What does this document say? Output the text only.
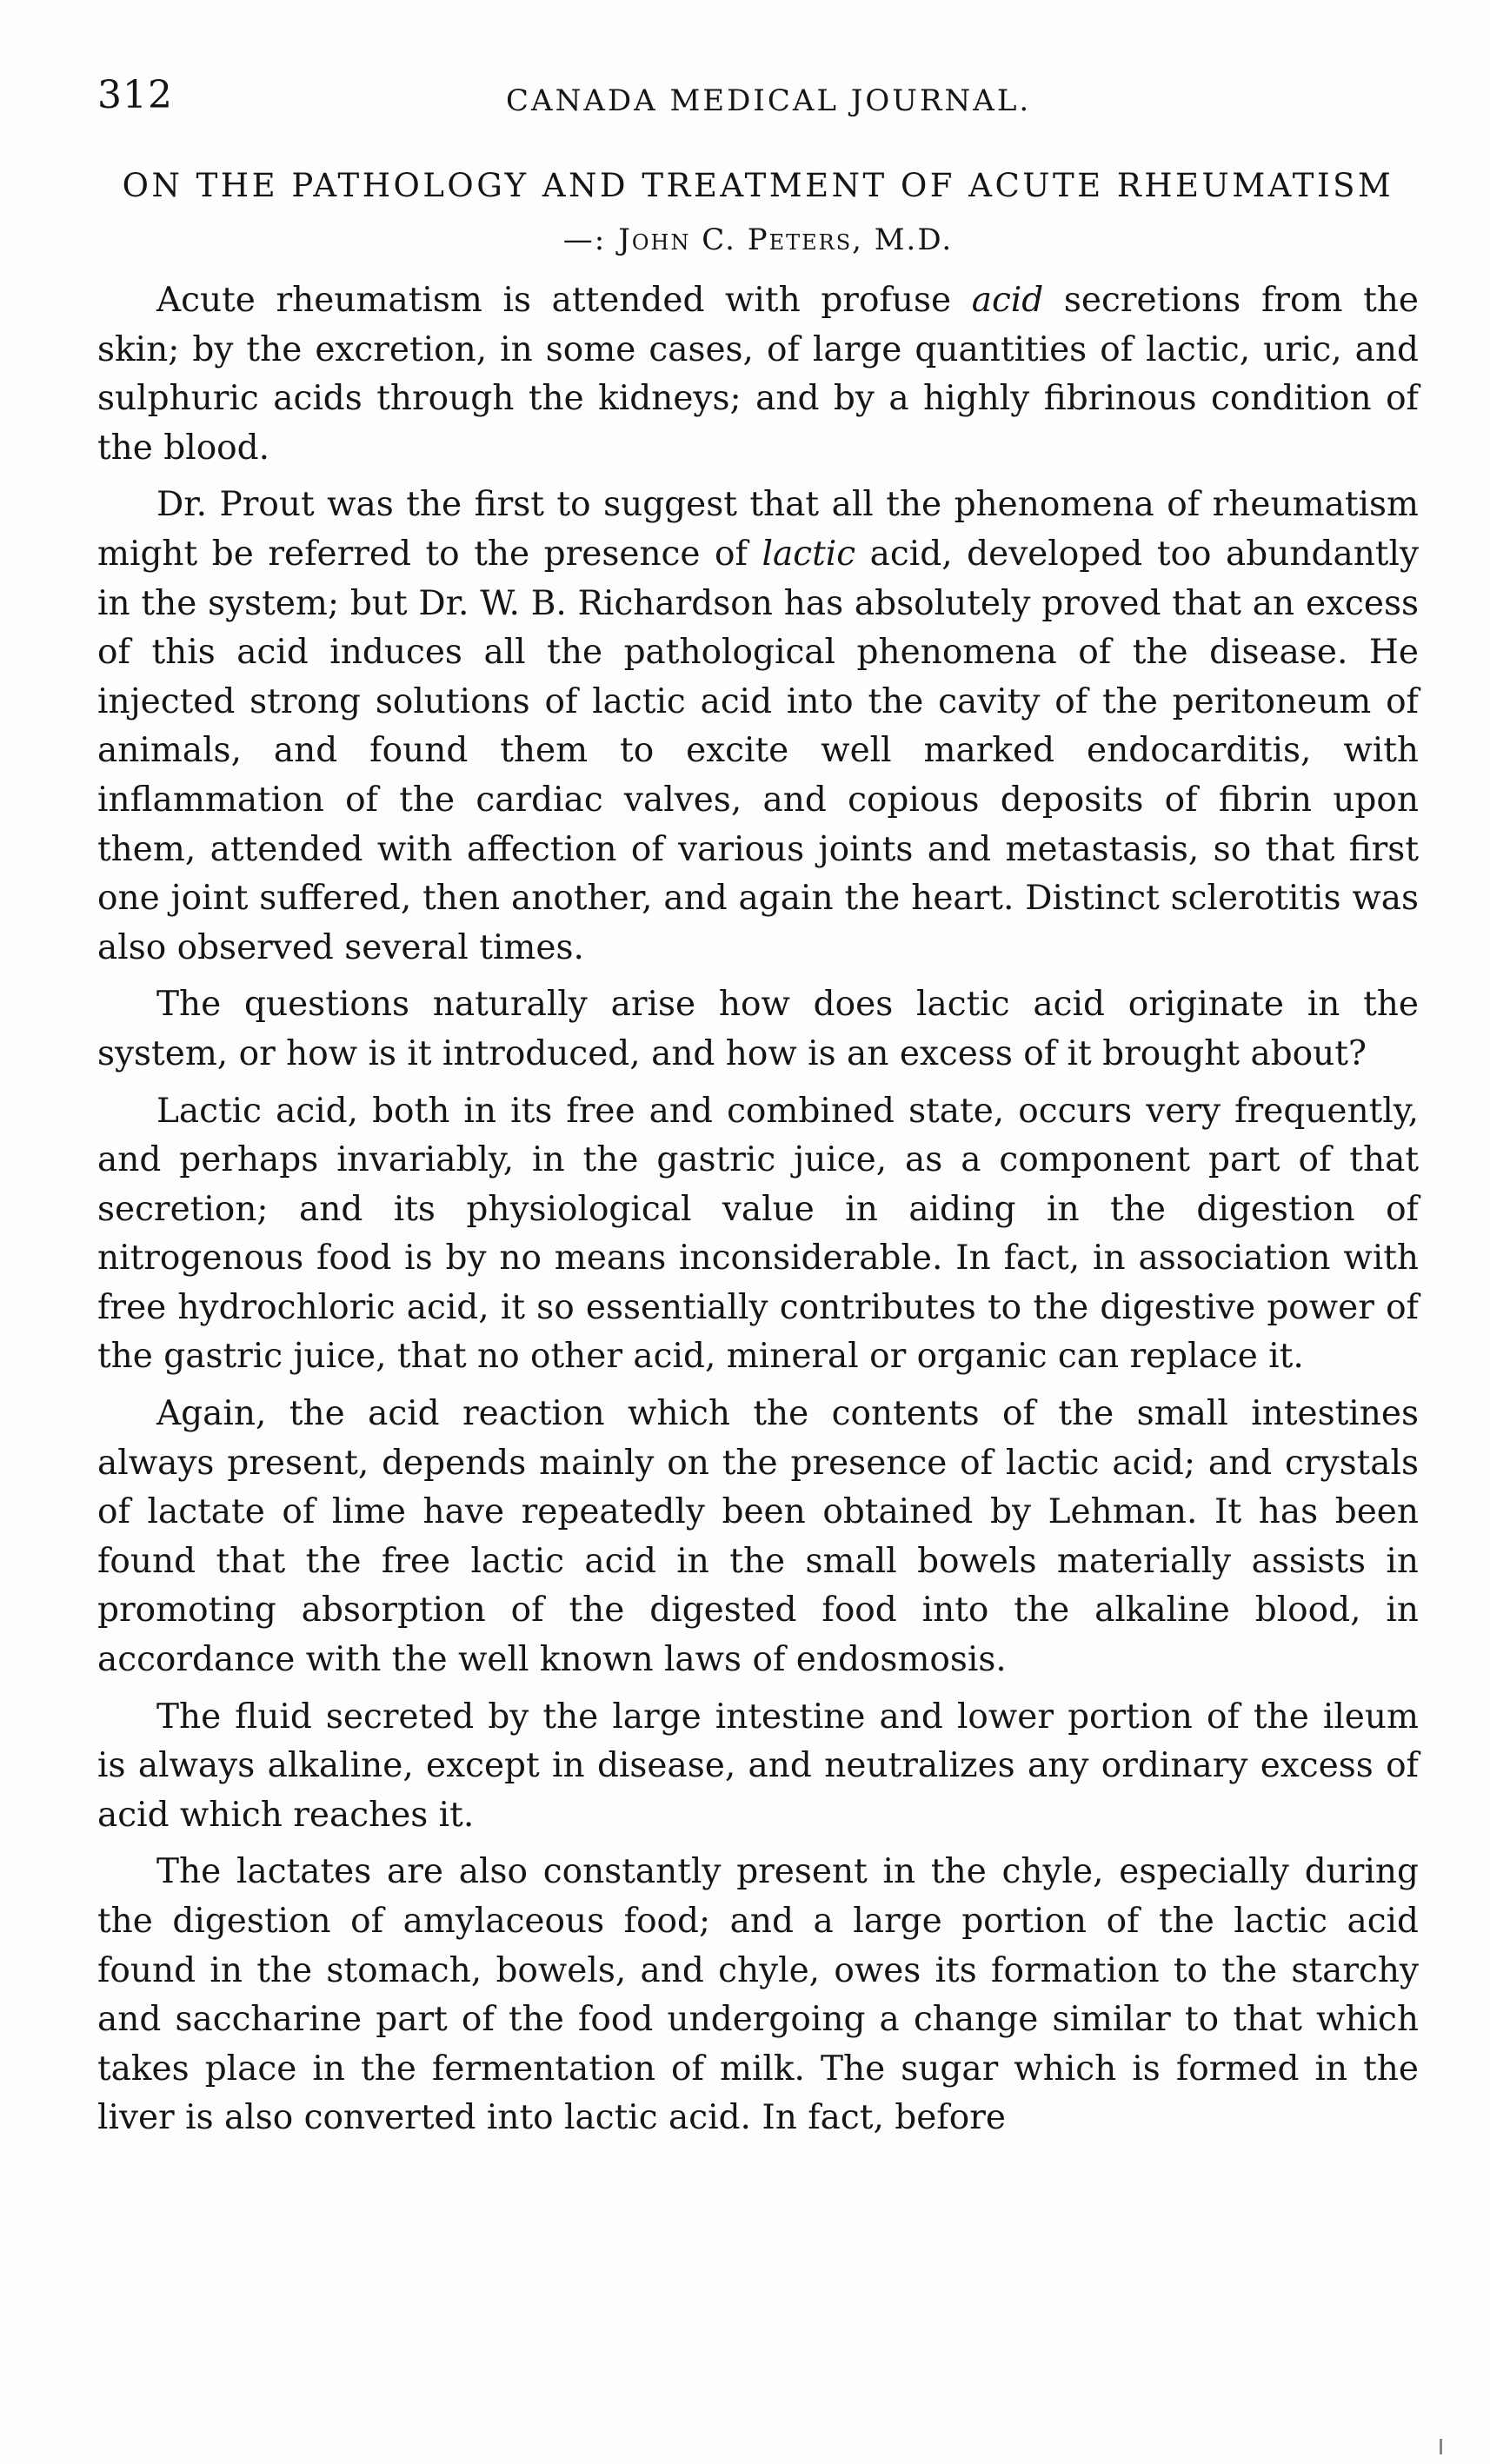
312	CANADA MEDICAL JOURNAL.
ON THE PATHOLOGY AND TREATMENT OF ACUTE RHEUMATISM
—: John C. Peters, M.D.

Acute rheumatism is attended with profuse acid secretions from the skin; by the excretion, in some cases, of large quantities of lactic, uric, and sulphuric acids through the kidneys; and by a highly fibrinous condition of the blood.

Dr. Prout was the first to suggest that all the phenomena of rheumatism might be referred to the presence of lactic acid, developed too abundantly in the system; but Dr. W. B. Richardson has absolutely proved that an excess of this acid induces all the pathological phenomena of the disease. He injected strong solutions of lactic acid into the cavity of the peritoneum of animals, and found them to excite well marked endocarditis, with inflammation of the cardiac valves, and copious deposits of fibrin upon them, attended with affection of various joints and metastasis, so that first one joint suffered, then another, and again the heart. Distinct sclerotitis was also observed several times.

The questions naturally arise how does lactic acid originate in the system, or how is it introduced, and how is an excess of it brought about?

Lactic acid, both in its free and combined state, occurs very frequently, and perhaps invariably, in the gastric juice, as a component part of that secretion; and its physiological value in aiding in the digestion of nitrogenous food is by no means inconsiderable. In fact, in association with free hydrochloric acid, it so essentially contributes to the digestive power of the gastric juice, that no other acid, mineral or organic can replace it.

Again, the acid reaction which the contents of the small intestines always present, depends mainly on the presence of lactic acid; and crystals of lactate of lime have repeatedly been obtained by Lehman. It has been found that the free lactic acid in the small bowels materially assists in promoting absorption of the digested food into the alkaline blood, in accordance with the well known laws of endosmosis.

The fluid secreted by the large intestine and lower portion of the ileum is always alkaline, except in disease, and neutralizes any ordinary excess of acid which reaches it.

The lactates are also constantly present in the chyle, especially during the digestion of amylaceous food; and a large portion of the lactic acid found in the stomach, bowels, and chyle, owes its formation to the starchy and saccharine part of the food undergoing a change similar to that which takes place in the fermentation of milk. The sugar which is formed in the liver is also converted into lactic acid. In fact, before
